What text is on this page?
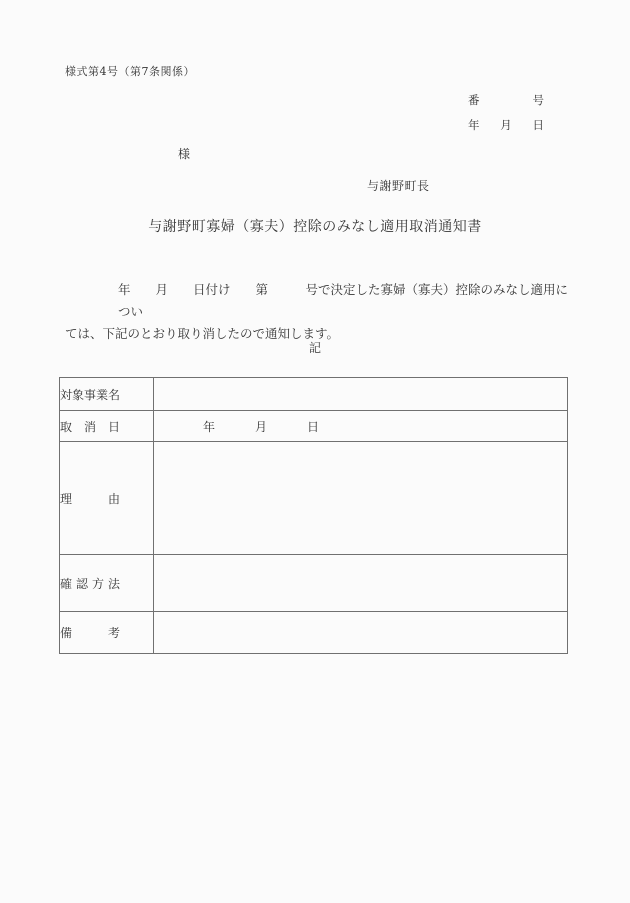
様式第4号（第7条関係）
番号
年月日
様
与謝野町長
与謝野町寡婦（寡夫）控除のみなし適用取消通知書
年　　月　　日付け　　第　　　号で決定した寡婦（寡夫）控除のみなし適用につい
ては、下記のとおり取り消したので通知します。
記
対象事業名	
取消日	年月日
理由	
確認方法	
備考	
